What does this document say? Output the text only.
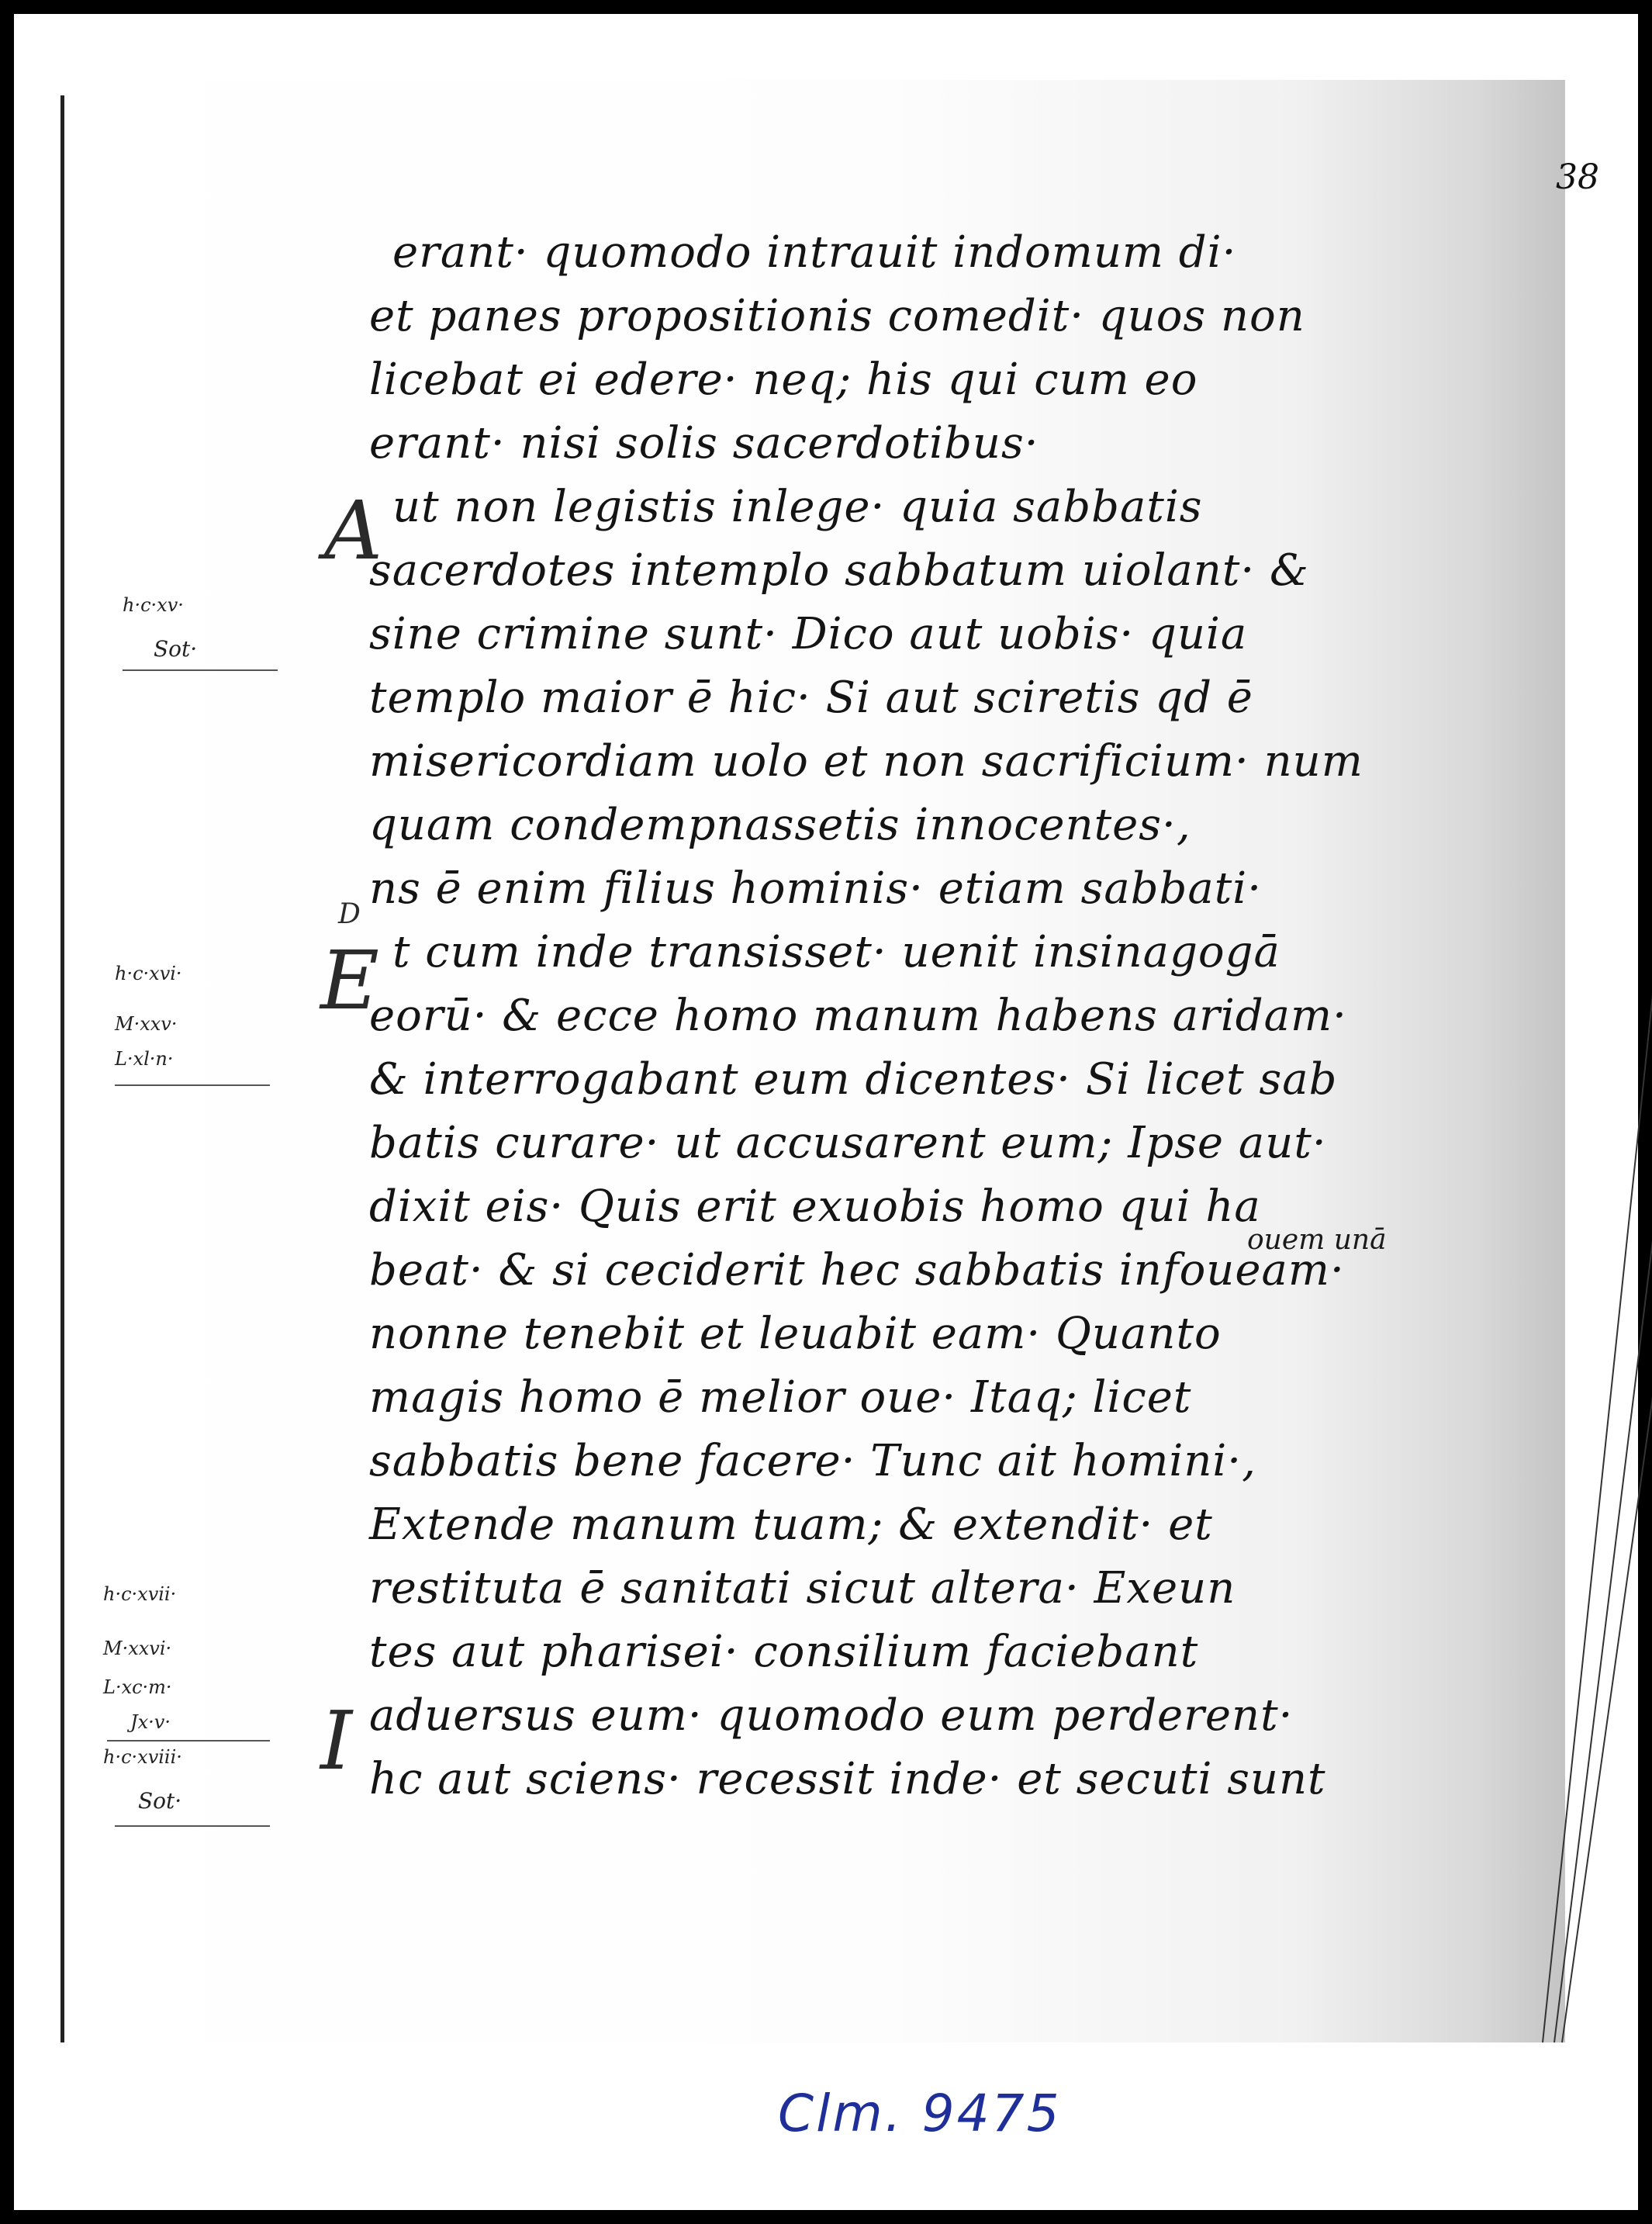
38
erant· quomodo intrauit indomum di·
et panes propositionis comedit· quos non
licebat ei edere· neq; his qui cum eo
erant· nisi solis sacerdotibus·
ut non legistis inlege· quia sabbatis
sacerdotes intemplo sabbatum uiolant· &
sine crimine sunt· Dico aut uobis· quia
templo maior ē hic· Si aut sciretis qd ē
misericordiam uolo et non sacrificium· num
quam condempnassetis innocentes·,
ns ē enim filius hominis· etiam sabbati·
t cum inde transisset· uenit insinagogā
eorū· & ecce homo manum habens aridam·
& interrogabant eum dicentes· Si licet sab
batis curare· ut accusarent eum; Ipse aut·
dixit eis· Quis erit exuobis homo qui ha
beat· & si ceciderit hec sabbatis infoueam·
nonne tenebit et leuabit eam· Quanto
magis homo ē melior oue· Itaq; licet
sabbatis bene facere· Tunc ait homini·,
Extende manum tuam; & extendit· et
restituta ē sanitati sicut altera· Exeun
tes aut pharisei· consilium faciebant
aduersus eum· quomodo eum perderent·
hc aut sciens· recessit inde· et secuti sunt
A
D
E
I
ouem unā
h·c·xv·
Sot·
h·c·xvi·
M·xxv·
L·xl·n·
h·c·xvii·
M·xxvi·
L·xc·m·
Jx·v·
h·c·xviii·
Sot·
Clm. 9475
